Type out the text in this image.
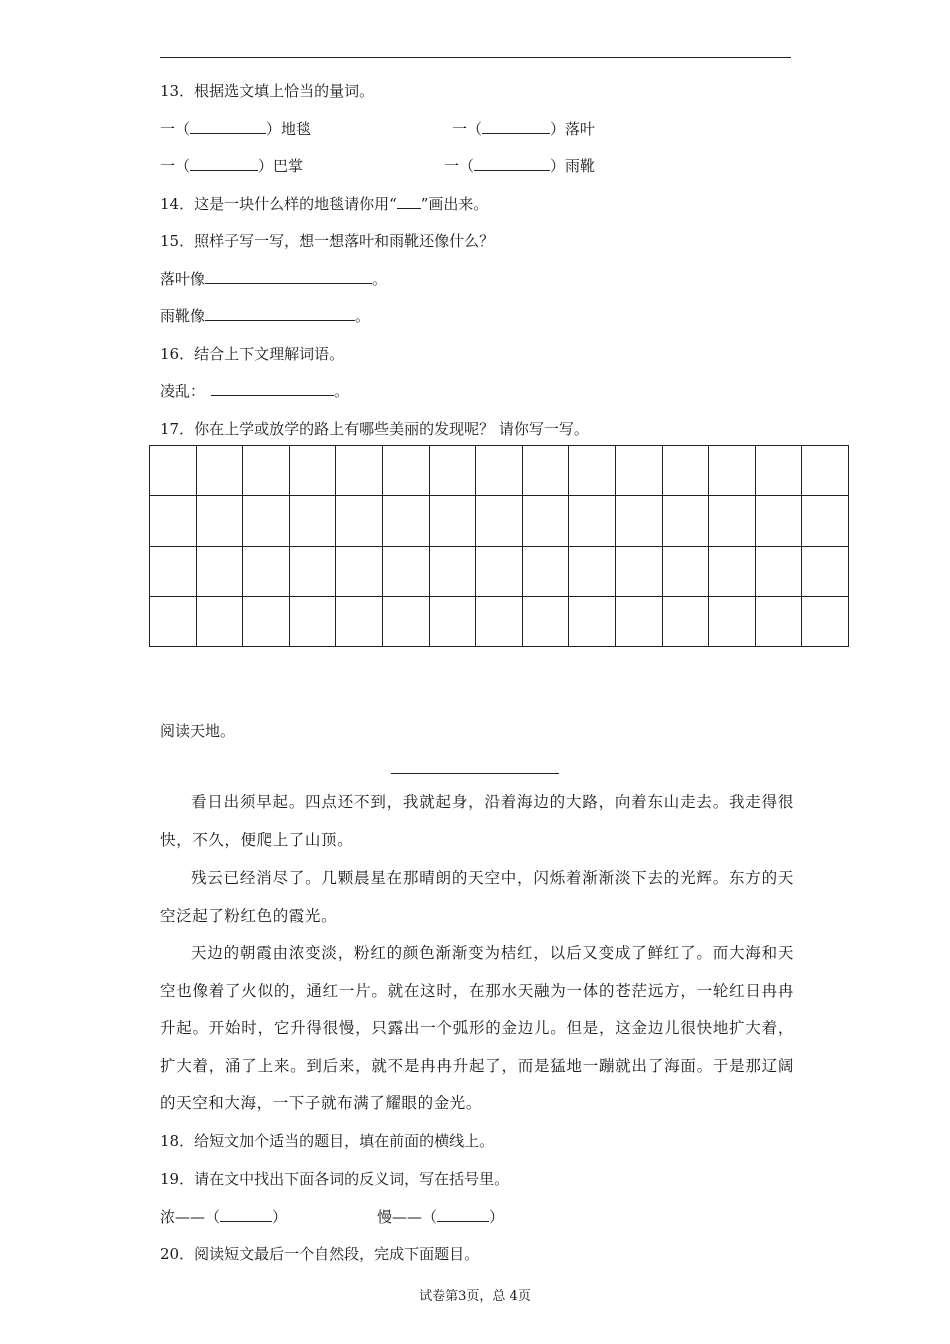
13．根据选文填上恰当的量词。
一（	）地毯	一（	）落叶
一（	）巴掌	一（	）雨靴
14．这是一块什么样的地毯请你用“ ”画出来。
15．照样子写一写，想一想落叶和雨靴还像什么？
落叶像	。
雨靴像	。
16．结合上下文理解词语。
凌乱：	。
17．你在上学或放学的路上有哪些美丽的发现呢？ 请你写一写。
阅读天地。
看日出须早起。四点还不到，我就起身，沿着海边的大路，向着东山走去。我走得很快，不久，便爬上了山顶。
残云已经消尽了。几颗晨星在那晴朗的天空中，闪烁着渐渐淡下去的光辉。东方的天空泛起了粉红色的霞光。
天边的朝霞由浓变淡，粉红的颜色渐渐变为桔红，以后又变成了鲜红了。而大海和天空也像着了火似的，通红一片。就在这时，在那水天融为一体的苍茫远方，一轮红日冉冉升起。开始时，它升得很慢，只露出一个弧形的金边儿。但是，这金边儿很快地扩大着，扩大着，涌了上来。到后来，就不是冉冉升起了，而是猛地一蹦就出了海面。于是那辽阔的天空和大海，一下子就布满了耀眼的金光。
18．给短文加个适当的题目，填在前面的横线上。
19．请在文中找出下面各词的反义词，写在括号里。
浓——（	）	慢——（	）
20．阅读短文最后一个自然段，完成下面题目。
试卷第3页，总 4页
